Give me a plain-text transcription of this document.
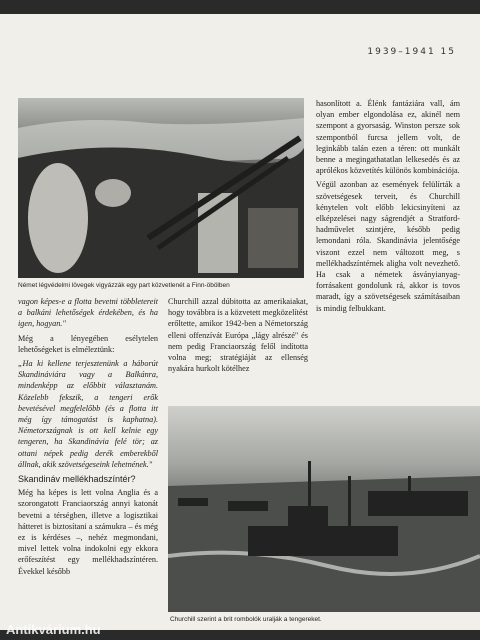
1939–1941 15
Német légvédelmi lövegek vigyázzák egy part közvetlenét a Finn-öbölben

hasonlított a. Élénk fantáziára vall, ám olyan ember elgondolása ez, akinél nem szempont a gyorsaság. Winston persze sok szempontból furcsa jellem volt, de leginkább talán ezen a téren: ott munkált benne a megingathatatlan lelkesedés és az aprólékos közvetítés különös kombinációja.

Végül azonban az események felülírták a szövetségesek terveit, és Churchill kénytelen volt előbb lekicsinyíteni az elképzelései nagy ságrendjét a Stratford-hadművelet szintjére, később pedig lemondani róla. Skandinávia jelentősége viszont ezzel nem változott meg, s mellékhadszíntérnek aligha volt nevezhető. Ha csak a németek ásványianyag-forrásakent gondolunk rá, akkor is tovos maradt, így a szövetségesek számításaiban is mindig felbukkant.

vagon képes-e a flotta bevetni többletereit a balkáni lehetőségek érdekében, és ha igen, hogyan."

Még a lényegében esélytelen lehetőségeket is elméleztünk:

„Ha ki kellene terjesztenünk a háborút Skandináviára vagy a Balkánra, mindenképp az előbbit választanám. Közelebb fekszik, a tengeri erők bevetésével megfelelőbb (és a flotta itt még így támogatást is kaphatna). Németországnak is ott kell kelnie egy tengeren, ha Skandinávia felé tör; az ottani népek pedig derék emberekből állnak, akik szövetségeseink lehetnének."

Skandináv mellékhadszíntér?

Még ha képes is lett volna Anglia és a szorongatott Franciaország annyi katonát bevetni a térségben, illetve a logisztikai hátteret is biztosítani a számukra – és még ez is kérdéses –, nehéz megmondani, mivel lettek volna indokolni egy ekkora erőfeszítést egy mellékhadszíntéren. Évekkel később

Churchill azzal dúbitotta az amerikaiakat, hogy továbbra is a közvetett megközelítést erőltette, amikor 1942-ben a Németország elleni offenzívát Európa „lágy alrészé" és nem pedig Franciaország felől indította volna meg; stratégiáját az ellenség nyakára hurkolt kötélhez

Churchill szerint a brit rombolók uralják a tengereket.
Antikvárium.hu
